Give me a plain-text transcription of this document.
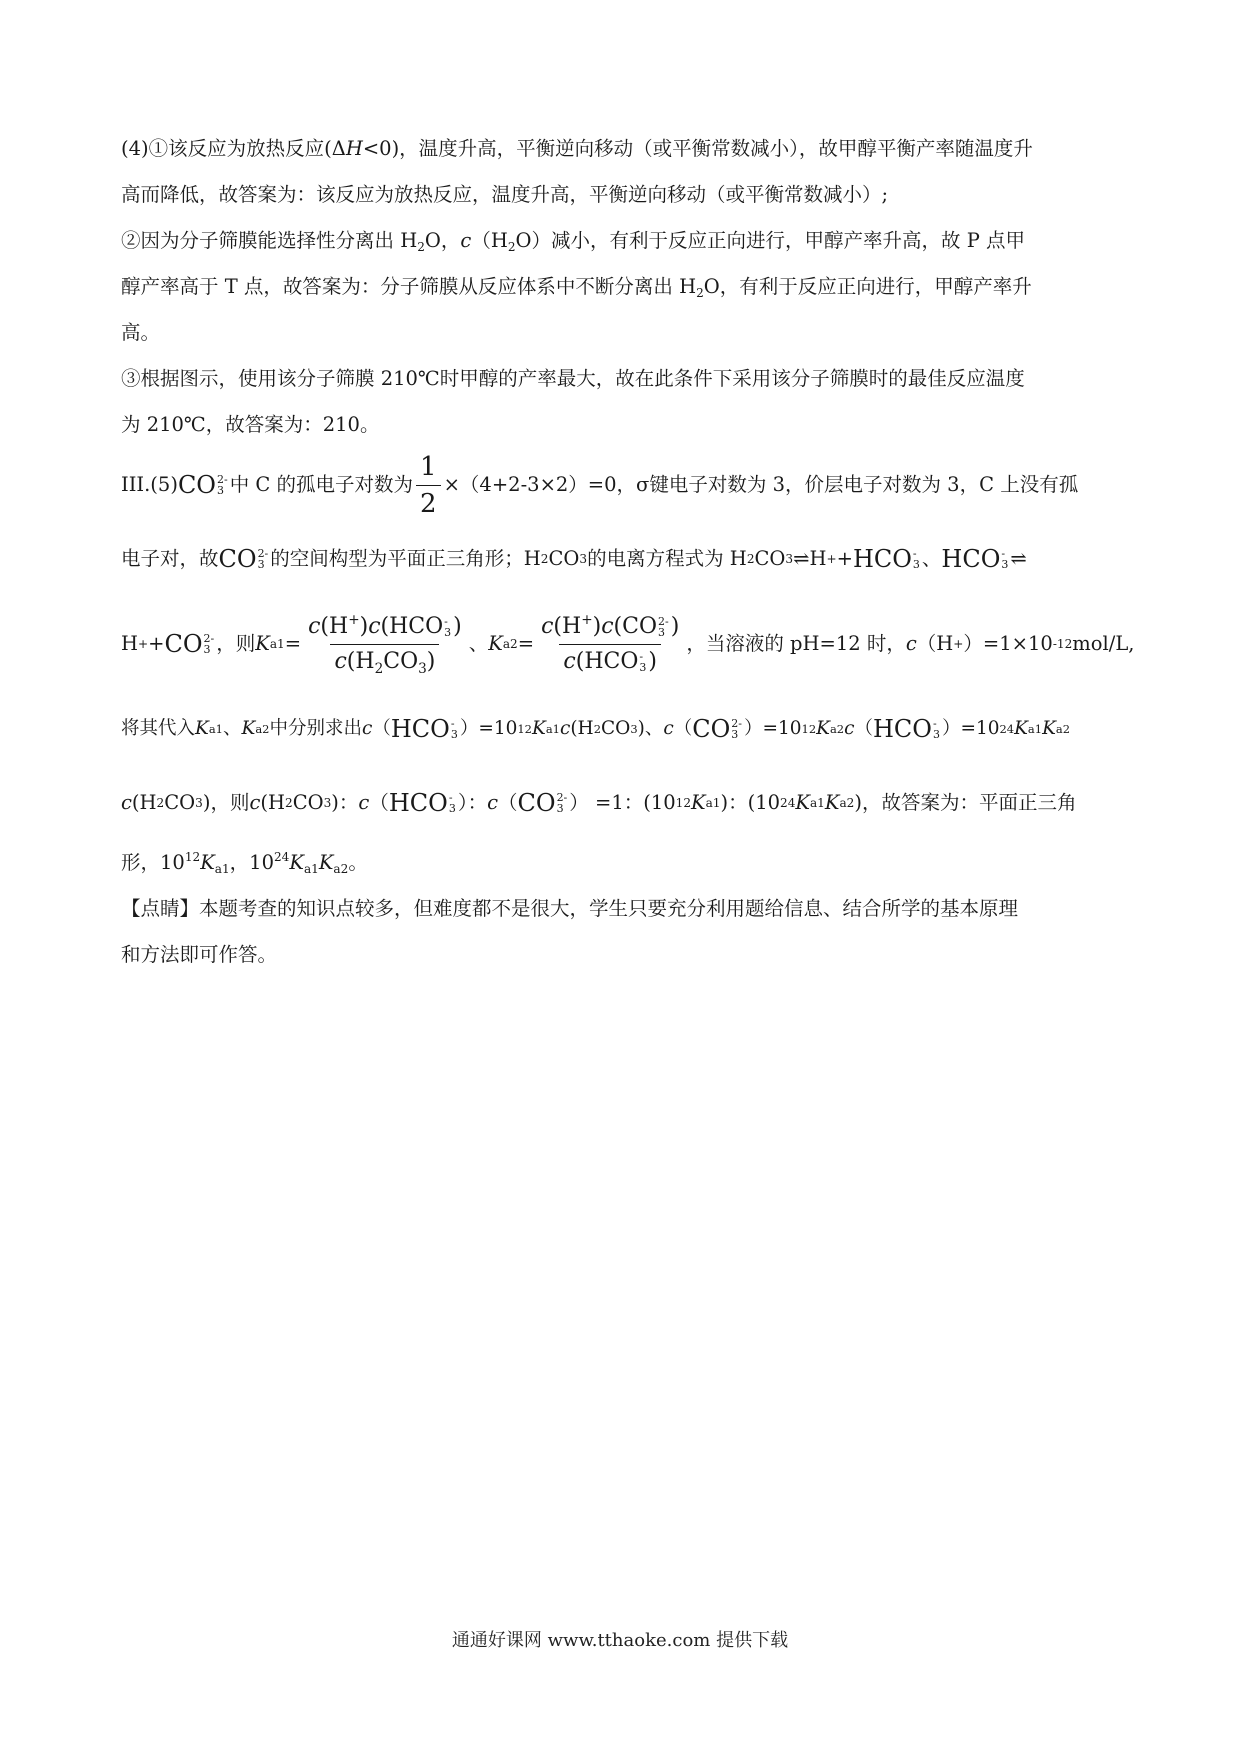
(4)①该反应为放热反应(ΔH<0)，温度升高，平衡逆向移动（或平衡常数减小），故甲醇平衡产率随温度升

高而降低，故答案为：该反应为放热反应，温度升高，平衡逆向移动（或平衡常数减小）;

②因为分子筛膜能选择性分离出 $H_2O$，$c(H_2O)$减小，有利于反应正向进行，甲醇产率升高，故 P 点甲

醇产率高于 T 点，故答案为：分子筛膜从反应体系中不断分离出 $H_2O$，有利于反应正向进行，甲醇产率升

高。

③根据图示，使用该分子筛膜 210℃时甲醇的产率最大，故在此条件下采用该分子筛膜时的最佳反应温度

为 210℃，故答案为：210。

III.(5) CO 2-
3 中 C 的孤电子对数为 $\frac{1}{2} \times(4+2-3\times 2)=0$，σ键电子对数为 3，价层电子对数为 3，C 上没有孤
电子对，故 CO 2-
3 的空间构型为平面正三角形；H 2 CO 3 的电离方程式为 H 2 CO 3 ⇌ H + + HCO -
3 、 HCO -
3 ⇌
H + + CO 2-
3 ，则 K a1 = c(H+)c(HCO -
3 )
$c(H_2CO_3)$ 、 K a2 = c(H+)c(CO 2-
3 )
c(HCO -
3 ) ，当溶液的 pH=12 时， c （H + ）=1×10 -12 mol/L,
将其代入 K a1 、 K a2 中分别求出 c （ HCO -
3 ）=10 12 K a1 c (H 2 CO 3 )、 c （ CO 2-
3 ）=10 12 K a2 c （ HCO -
3 ）=10 24 K a1 K a2
c (H 2 CO 3 )，则 c (H 2 CO 3 )： c （ HCO -
3 ）： c （ CO 2-
3 ） =1：(10 12 K a1 )：(10 24 K a1 K a2 )，故答案为：平面正三角

形，$10^{12}K_{a1}$，$10^{24}K_{a1}K_{a2}$。

【点睛】本题考查的知识点较多，但难度都不是很大，学生只要充分利用题给信息、结合所学的基本原理

和方法即可作答。

通通好课网 www.tthaoke.com 提供下载
